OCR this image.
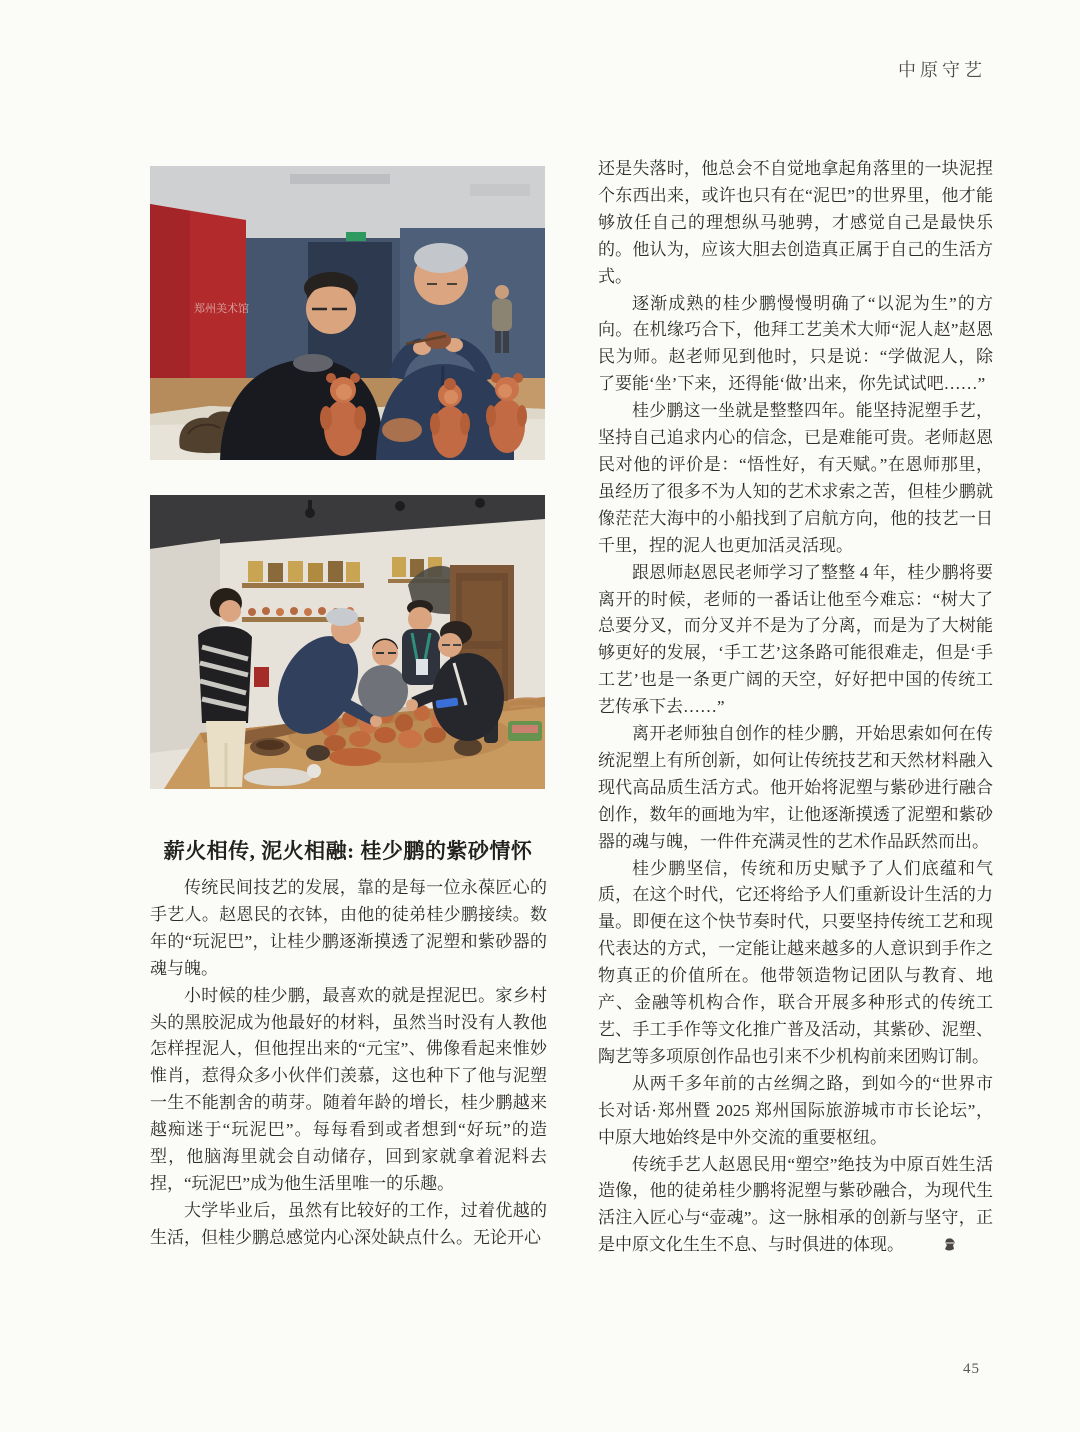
中原守艺
郑州美术馆
薪火相传, 泥火相融: 桂少鹏的紫砂情怀

传统民间技艺的发展，靠的是每一位永葆匠心的手艺人。赵恩民的衣钵，由他的徒弟桂少鹏接续。数年的“玩泥巴”，让桂少鹏逐渐摸透了泥塑和紫砂器的魂与魄。

小时候的桂少鹏，最喜欢的就是捏泥巴。家乡村头的黑胶泥成为他最好的材料，虽然当时没有人教他怎样捏泥人，但他捏出来的“元宝”、佛像看起来惟妙惟肖，惹得众多小伙伴们羡慕，这也种下了他与泥塑一生不能割舍的萌芽。随着年龄的增长，桂少鹏越来越痴迷于“玩泥巴”。每每看到或者想到“好玩”的造型，他脑海里就会自动储存，回到家就拿着泥料去捏，“玩泥巴”成为他生活里唯一的乐趣。

大学毕业后，虽然有比较好的工作，过着优越的生活，但桂少鹏总感觉内心深处缺点什么。无论开心

还是失落时，他总会不自觉地拿起角落里的一块泥捏个东西出来，或许也只有在“泥巴”的世界里，他才能够放任自己的理想纵马驰骋，才感觉自己是最快乐的。他认为，应该大胆去创造真正属于自己的生活方式。

逐渐成熟的桂少鹏慢慢明确了“以泥为生”的方向。在机缘巧合下，他拜工艺美术大师“泥人赵”赵恩民为师。赵老师见到他时，只是说：“学做泥人，除了要能‘坐’下来，还得能‘做’出来，你先试试吧……”

桂少鹏这一坐就是整整四年。能坚持泥塑手艺，坚持自己追求内心的信念，已是难能可贵。老师赵恩民对他的评价是：“悟性好，有天赋。”在恩师那里，虽经历了很多不为人知的艺术求索之苦，但桂少鹏就像茫茫大海中的小船找到了启航方向，他的技艺一日千里，捏的泥人也更加活灵活现。

跟恩师赵恩民老师学习了整整 4 年，桂少鹏将要离开的时候，老师的一番话让他至今难忘：“树大了总要分叉，而分叉并不是为了分离，而是为了大树能够更好的发展，‘手工艺’这条路可能很难走，但是‘手工艺’也是一条更广阔的天空，好好把中国的传统工艺传承下去……”

离开老师独自创作的桂少鹏，开始思索如何在传统泥塑上有所创新，如何让传统技艺和天然材料融入现代高品质生活方式。他开始将泥塑与紫砂进行融合创作，数年的画地为牢，让他逐渐摸透了泥塑和紫砂器的魂与魄，一件件充满灵性的艺术作品跃然而出。

桂少鹏坚信，传统和历史赋予了人们底蕴和气质，在这个时代，它还将给予人们重新设计生活的力量。即便在这个快节奏时代，只要坚持传统工艺和现代表达的方式，一定能让越来越多的人意识到手作之物真正的价值所在。他带领造物记团队与教育、地产、金融等机构合作，联合开展多种形式的传统工艺、手工手作等文化推广普及活动，其紫砂、泥塑、陶艺等多项原创作品也引来不少机构前来团购订制。

从两千多年前的古丝绸之路，到如今的“世界市长对话·郑州暨 2025 郑州国际旅游城市市长论坛”，中原大地始终是中外交流的重要枢纽。

传统手艺人赵恩民用“塑空”绝技为中原百姓生活造像，他的徒弟桂少鹏将泥塑与紫砂融合，为现代生活注入匠心与“壶魂”。这一脉相承的创新与坚守，正是中原文化生生不息、与时俱进的体现。

45
